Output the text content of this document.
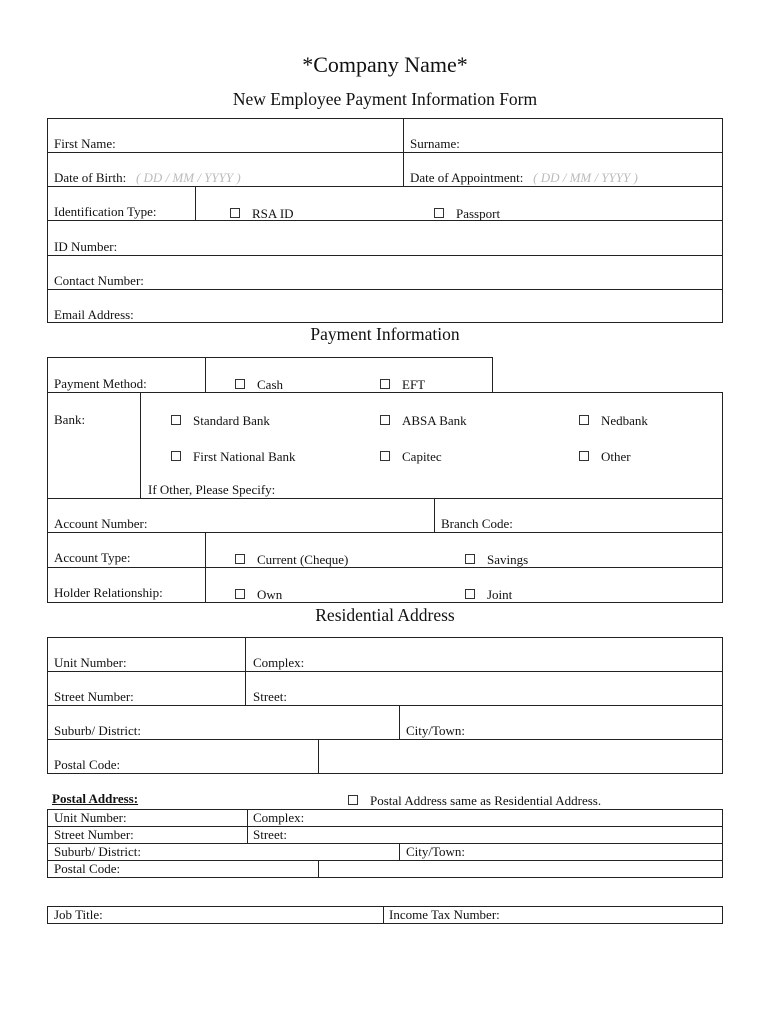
*Company Name*
New Employee Payment Information Form
First Name:	Surname:
Date of Birth: ( DD / MM / YYYY )	Date of Appointment: ( DD / MM / YYYY )
Identification Type:	RSA ID	Passport
ID Number:
Contact Number:
Email Address:
Payment Information
Payment Method:	Cash	EFT
Bank:	Standard Bank	ABSA Bank	Nedbank
First National Bank	Capitec	Other
If Other, Please Specify:
Account Number:	Branch Code:
Account Type:	Current (Cheque)	Savings
Holder Relationship:	Own	Joint
Residential Address
Unit Number:	Complex:
Street Number:	Street:
Suburb/ District:	City/Town:
Postal Code:
Postal Address:	Postal Address same as Residential Address.
Unit Number:	Complex:
Street Number:	Street:
Suburb/ District:	City/Town:
Postal Code:
Job Title:	Income Tax Number:
